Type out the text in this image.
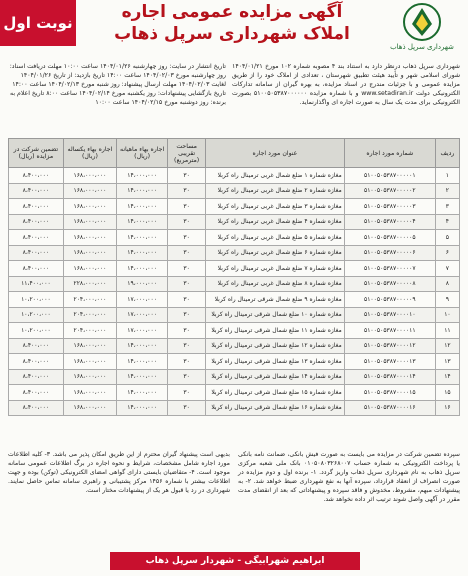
نوبت اول
آگهی مزایده عمومی اجاره
املاک شهرداری سرپل ذهاب
شهرداری سرپل ذهاب
شهرداری سرپل ذهاب درنظر دارد به استناد بند ۴ مصوبه شماره ۱۰۲ مورخ ۱۴۰۴/۰۱/۲۱ شورای اسلامی شهر و تأیید هیئت تطبیق شهرستان ، تعدادی از املاک خود را از طریق مزایده عمومی و با جزئیات مندرج در اسناد مزایده، به بهره گیران از سامانه تدارکات الکترونیکی دولت www.setadiran.ir و با شماره مزایده ۵۱۰۰۵۰۵۳۸۷۰۰۰۰۰۰ بصورت الکترونیکی برای مدت یک سال به صورت اجاره ای واگذارنماید.
تاریخ انتشار در سایت: روز چهارشنبه ۱۴۰۴/۰۱/۲۶ ساعت ۱۰:۰۰ مهلت دریافت اسناد: روز چهارشنبه مورخ ۱۴۰۴/۰۲/۰۳ ساعت ۱۴:۰۰ تاریخ بازدید: از تاریخ ۱۴۰۴/۰۱/۲۶ لغایت ۱۴۰۴/۰۲/۰۳ مهلت ارسال پیشنهاد: روز شنبه مورخ ۱۴۰۴/۰۲/۱۳ ساعت ۱۴:۰۰ تاریخ بازگشایی پیشنهادات: روز یکشنبه مورخ ۱۴۰۴/۰۲/۱۴ ساعت ۸:۰۰ تاریخ اعلام به برنده: روز دوشنبه مورخ ۱۴۰۴/۰۲/۱۵ ساعت ۱۰:۰۰
ردیف	شماره مورد اجاره	عنوان مورد اجاره	مساحت تقریبی (مترمربع)	اجاره بهاء ماهیانه (ریال)	اجاره بهاء یکساله (ریال)	تضمین شرکت در مزایده (ریال)
۱	۵۱۰۰۵۰۵۳۸۷۰۰۰۰۰۱	مغازه شماره ۱ ضلع شمال غربی ترمینال راه کربلا	۳۰	۱۴،۰۰۰،۰۰۰	۱۶۸،۰۰۰،۰۰۰	۸،۴۰۰،۰۰۰
۲	۵۱۰۰۵۰۵۳۸۷۰۰۰۰۰۲	مغازه شماره ۲ ضلع شمال غربی ترمینال راه کربلا	۳۰	۱۴،۰۰۰،۰۰۰	۱۶۸،۰۰۰،۰۰۰	۸،۴۰۰،۰۰۰
۳	۵۱۰۰۵۰۵۳۸۷۰۰۰۰۰۳	مغازه شماره ۳ ضلع شمال غربی ترمینال راه کربلا	۳۰	۱۴،۰۰۰،۰۰۰	۱۶۸،۰۰۰،۰۰۰	۸،۴۰۰،۰۰۰
۴	۵۱۰۰۵۰۵۳۸۷۰۰۰۰۰۴	مغازه شماره ۴ ضلع شمال غربی ترمینال راه کربلا	۳۰	۱۴،۰۰۰،۰۰۰	۱۶۸،۰۰۰،۰۰۰	۸،۴۰۰،۰۰۰
۵	۵۱۰۰۵۰۵۳۸۷۰۰۰۰۰۵	مغازه شماره ۵ ضلع شمال غربی ترمینال راه کربلا	۳۰	۱۴،۰۰۰،۰۰۰	۱۶۸،۰۰۰،۰۰۰	۸،۴۰۰،۰۰۰
۶	۵۱۰۰۵۰۵۳۸۷۰۰۰۰۰۶	مغازه شماره ۶ ضلع شمال غربی ترمینال راه کربلا	۳۰	۱۴،۰۰۰،۰۰۰	۱۶۸،۰۰۰،۰۰۰	۸،۴۰۰،۰۰۰
۷	۵۱۰۰۵۰۵۳۸۷۰۰۰۰۰۷	مغازه شماره ۷ ضلع شمال غربی ترمینال راه کربلا	۳۰	۱۴،۰۰۰،۰۰۰	۱۶۸،۰۰۰،۰۰۰	۸،۴۰۰،۰۰۰
۸	۵۱۰۰۵۰۵۳۸۷۰۰۰۰۰۸	مغازه شماره ۸ ضلع شمال غربی ترمینال راه کربلا	۳۰	۱۹،۰۰۰،۰۰۰	۲۲۸،۰۰۰،۰۰۰	۱۱،۴۰۰،۰۰۰
۹	۵۱۰۰۵۰۵۳۸۷۰۰۰۰۰۹	مغازه شماره ۹ ضلع شمال شرقی ترمینال راه کربلا	۳۰	۱۷،۰۰۰،۰۰۰	۲۰۴،۰۰۰،۰۰۰	۱۰،۲۰۰،۰۰۰
۱۰	۵۱۰۰۵۰۵۳۸۷۰۰۰۰۱۰	مغازه شماره ۱۰ ضلع شمال شرقی ترمینال راه کربلا	۳۰	۱۷،۰۰۰،۰۰۰	۲۰۴،۰۰۰،۰۰۰	۱۰،۲۰۰،۰۰۰
۱۱	۵۱۰۰۵۰۵۳۸۷۰۰۰۰۱۱	مغازه شماره ۱۱ ضلع شمال شرقی ترمینال راه کربلا	۳۰	۱۷،۰۰۰،۰۰۰	۲۰۴،۰۰۰،۰۰۰	۱۰،۲۰۰،۰۰۰
۱۲	۵۱۰۰۵۰۵۳۸۷۰۰۰۰۱۲	مغازه شماره ۱۲ ضلع شمال شرقی ترمینال راه کربلا	۳۰	۱۴،۰۰۰،۰۰۰	۱۶۸،۰۰۰،۰۰۰	۸،۴۰۰،۰۰۰
۱۳	۵۱۰۰۵۰۵۳۸۷۰۰۰۰۱۳	مغازه شماره ۱۳ ضلع شمال شرقی ترمینال راه کربلا	۳۰	۱۴،۰۰۰،۰۰۰	۱۶۸،۰۰۰،۰۰۰	۸،۴۰۰،۰۰۰
۱۴	۵۱۰۰۵۰۵۳۸۷۰۰۰۰۱۴	مغازه شماره ۱۴ ضلع شمال شرقی ترمینال راه کربلا	۳۰	۱۴،۰۰۰،۰۰۰	۱۶۸،۰۰۰،۰۰۰	۸،۴۰۰،۰۰۰
۱۵	۵۱۰۰۵۰۵۳۸۷۰۰۰۰۱۵	مغازه شماره ۱۵ ضلع شمال شرقی ترمینال راه کربلا	۳۰	۱۴،۰۰۰،۰۰۰	۱۶۸،۰۰۰،۰۰۰	۸،۴۰۰،۰۰۰
۱۶	۵۱۰۰۵۰۵۳۸۷۰۰۰۰۱۶	مغازه شماره ۱۶ ضلع شمال شرقی ترمینال راه کربلا	۳۰	۱۴،۰۰۰،۰۰۰	۱۶۸،۰۰۰،۰۰۰	۸،۴۰۰،۰۰۰
سپرده تضمین شرکت در مزایده می بایست به صورت فیش بانکی، ضمانت نامه بانکی یا پرداخت الکترونیکی به شماره حساب ۰۱۰۵۰۸۰۳۲۶۸۰۰۷ بانک ملی شعبه مرکزی سرپل ذهاب به نام شهرداری سرپل ذهاب واریز گردد. ۱- برنده اول و دوم مزایده در صورت انصراف از انعقاد قرارداد، سپرده آنها به نفع شهرداری ضبط خواهد شد. ۲- به پیشنهادات مبهم، مشروط، مخدوش و فاقد سپرده و پیشنهاداتی که بعد از انقضای مدت مقرر در آگهی واصل شوند ترتیب اثر داده نخواهد شد.
بدیهی است پیشنهاد گیران محترم از این طریق امکان پذیر می باشد. ۳- کلیه اطلاعات مورد اجاره شامل مشخصات، شرایط و نحوه اجاره در برگ اطلاعات عمومی سامانه موجود است. ۴- متقاضیان بایستی دارای گواهی امضای الکترونیکی (توکن) بوده و جهت اطلاعات بیشتر با شماره ۱۴۵۶ مرکز پشتیبانی و راهبری سامانه تماس حاصل نمایند. شهرداری در رد یا قبول هر یک از پیشنهادات مختار است.
ابراهیم شهرابیگی - شهردار سرپل ذهاب
